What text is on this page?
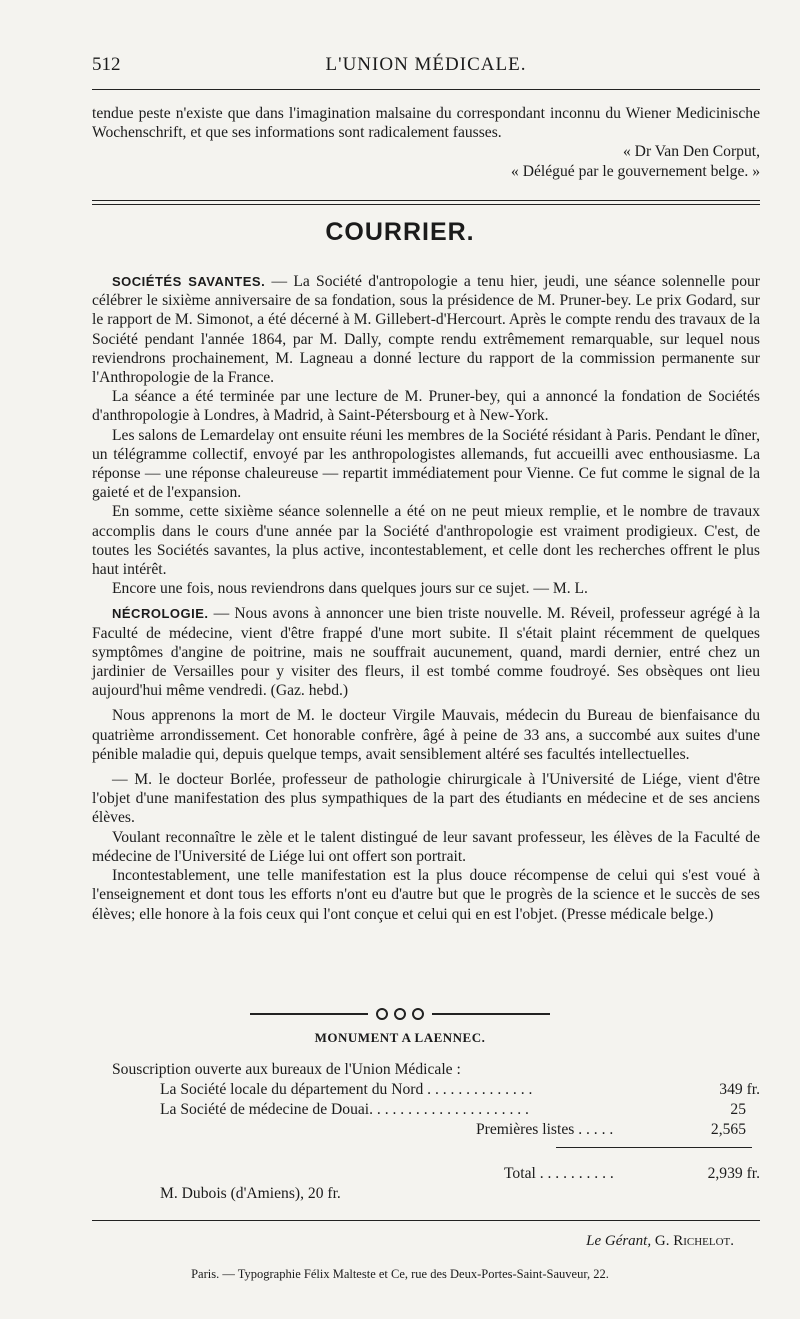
512	L'UNION MÉDICALE.

tendue peste n'existe que dans l'imagination malsaine du correspondant inconnu du Wiener Medicinische Wochenschrift, et que ses informations sont radicalement fausses.

« Dr Van Den Corput,

« Délégué par le gouvernement belge. »

COURRIER.

SOCIÉTÉS SAVANTES. — La Société d'antropologie a tenu hier, jeudi, une séance solennelle pour célébrer le sixième anniversaire de sa fondation, sous la présidence de M. Pruner-bey. Le prix Godard, sur le rapport de M. Simonot, a été décerné à M. Gillebert-d'Hercourt. Après le compte rendu des travaux de la Société pendant l'année 1864, par M. Dally, compte rendu extrêmement remarquable, sur lequel nous reviendrons prochainement, M. Lagneau a donné lecture du rapport de la commission permanente sur l'Anthropologie de la France.

La séance a été terminée par une lecture de M. Pruner-bey, qui a annoncé la fondation de Sociétés d'anthropologie à Londres, à Madrid, à Saint-Pétersbourg et à New-York.

Les salons de Lemardelay ont ensuite réuni les membres de la Société résidant à Paris. Pendant le dîner, un télégramme collectif, envoyé par les anthropologistes allemands, fut accueilli avec enthousiasme. La réponse — une réponse chaleureuse — repartit immédiatement pour Vienne. Ce fut comme le signal de la gaieté et de l'expansion.

En somme, cette sixième séance solennelle a été on ne peut mieux remplie, et le nombre de travaux accomplis dans le cours d'une année par la Société d'anthropologie est vraiment prodigieux. C'est, de toutes les Sociétés savantes, la plus active, incontestablement, et celle dont les recherches offrent le plus haut intérêt.

Encore une fois, nous reviendrons dans quelques jours sur ce sujet. — M. L.

NÉCROLOGIE. — Nous avons à annoncer une bien triste nouvelle. M. Réveil, professeur agrégé à la Faculté de médecine, vient d'être frappé d'une mort subite. Il s'était plaint récemment de quelques symptômes d'angine de poitrine, mais ne souffrait aucunement, quand, mardi dernier, entré chez un jardinier de Versailles pour y visiter des fleurs, il est tombé comme foudroyé. Ses obsèques ont lieu aujourd'hui même vendredi. (Gaz. hebd.)

Nous apprenons la mort de M. le docteur Virgile Mauvais, médecin du Bureau de bienfaisance du quatrième arrondissement. Cet honorable confrère, âgé à peine de 33 ans, a succombé aux suites d'une pénible maladie qui, depuis quelque temps, avait sensiblement altéré ses facultés intellectuelles.

— M. le docteur Borlée, professeur de pathologie chirurgicale à l'Université de Liége, vient d'être l'objet d'une manifestation des plus sympathiques de la part des étudiants en médecine et de ses anciens élèves.

Voulant reconnaître le zèle et le talent distingué de leur savant professeur, les élèves de la Faculté de médecine de l'Université de Liége lui ont offert son portrait.

Incontestablement, une telle manifestation est la plus douce récompense de celui qui s'est voué à l'enseignement et dont tous les efforts n'ont eu d'autre but que le progrès de la science et le succès de ses élèves; elle honore à la fois ceux qui l'ont conçue et celui qui en est l'objet. (Presse médicale belge.)

MONUMENT A LAENNEC.
Souscription ouverte aux bureaux de l'Union Médicale :
La Société locale du département du Nord . . . . . . . . . . . . . .	349 fr.
La Société de médecine de Douai. . . . . . . . . . . . . . . . . . . . .	25
Premières listes . . . . .	2,565
Total . . . . . . . . . .	2,939 fr.
M. Dubois (d'Amiens), 20 fr.
Le Gérant, G. Richelot.
Paris. — Typographie Félix Malteste et Ce, rue des Deux-Portes-Saint-Sauveur, 22.
